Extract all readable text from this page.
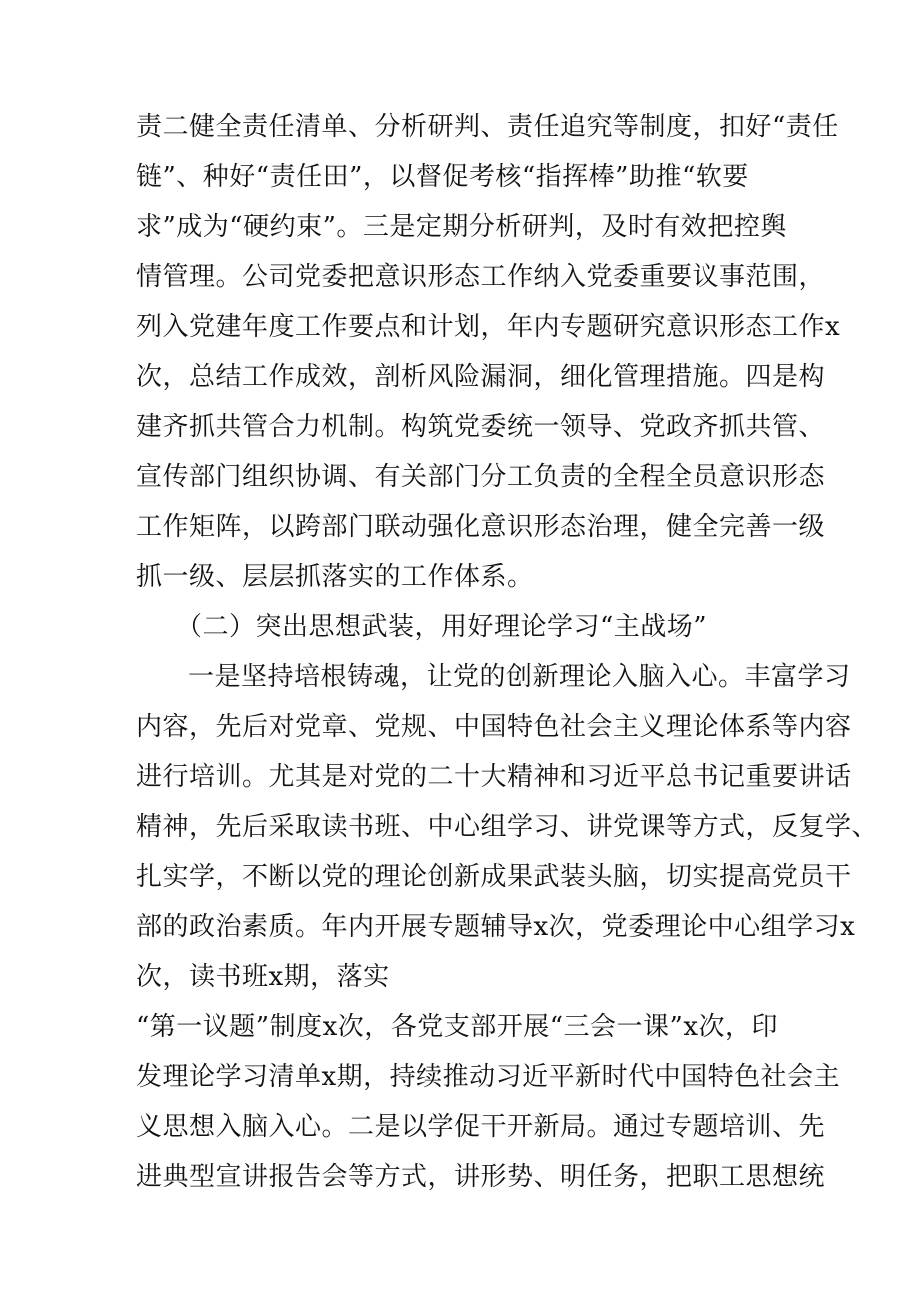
责二健全责任清单、分析研判、责任追究等制度，扣好“责任
链”、种好“责任田”，以督促考核“指挥棒”助推“软要
求”成为“硬约束”。三是定期分析研判，及时有效把控舆
情管理。公司党委把意识形态工作纳入党委重要议事范围，
列入党建年度工作要点和计划，年内专题研究意识形态工作x
次，总结工作成效，剖析风险漏洞，细化管理措施。四是构
建齐抓共管合力机制。构筑党委统一领导、党政齐抓共管、
宣传部门组织协调、有关部门分工负责的全程全员意识形态
工作矩阵，以跨部门联动强化意识形态治理，健全完善一级
抓一级、层层抓落实的工作体系。
（二）突出思想武装，用好理论学习“主战场”
一是坚持培根铸魂，让党的创新理论入脑入心。丰富学习
内容，先后对党章、党规、中国特色社会主义理论体系等内容
进行培训。尤其是对党的二十大精神和习近平总书记重要讲话
精神，先后采取读书班、中心组学习、讲党课等方式，反复学、
扎实学，不断以党的理论创新成果武装头脑，切实提高党员干
部的政治素质。年内开展专题辅导x次，党委理论中心组学习x
次，读书班x期，落实
“第一议题”制度x次，各党支部开展“三会一课”x次，印
发理论学习清单x期，持续推动习近平新时代中国特色社会主
义思想入脑入心。二是以学促干开新局。通过专题培训、先
进典型宣讲报告会等方式，讲形势、明任务，把职工思想统
